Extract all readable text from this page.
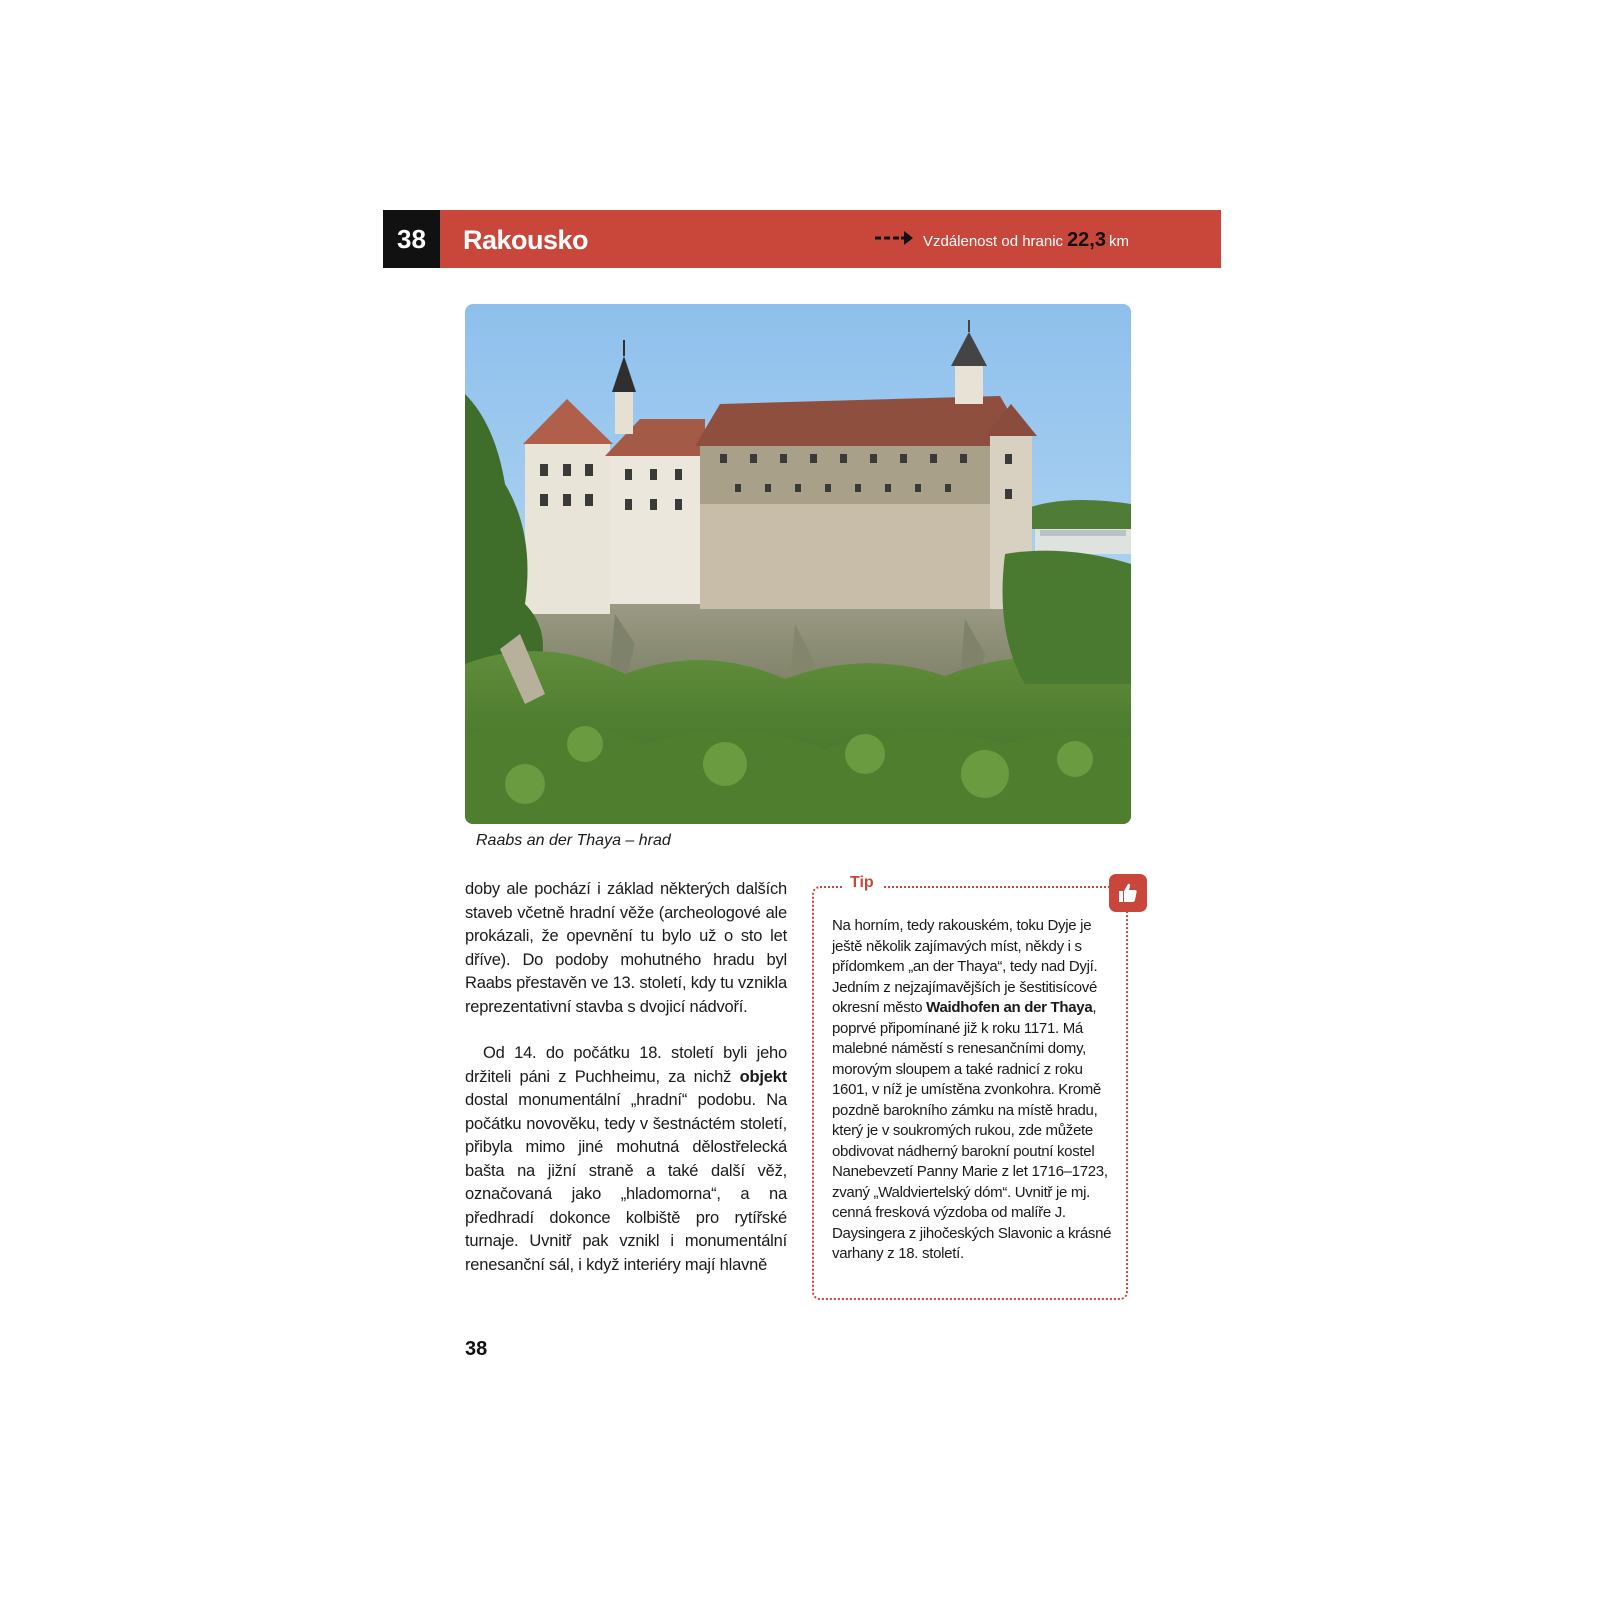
38	Rakousko	Vzdálenost od hranic 22,3 km
Raabs an der Thaya – hrad

doby ale pochází i základ některých dalších staveb včetně hradní věže (archeologové ale prokázali, že opevnění tu bylo už o sto let dříve). Do podoby mohutného hradu byl Raabs přestavěn ve 13. století, kdy tu vznikla reprezentativní stavba s dvojicí nádvoří.

Od 14. do počátku 18. století byli jeho držiteli páni z Puchheimu, za nichž objekt dostal monumentální „hradní“ podobu. Na počátku novověku, tedy v šestnáctém století, přibyla mimo jiné mohutná dělostřelecká bašta na jižní straně a také další věž, označovaná jako „hladomorna“, a na předhradí dokonce kolbiště pro rytířské turnaje. Uvnitř pak vznikl i monumentální renesanční sál, i když interiéry mají hlavně

Tip
Na horním, tedy rakouském, toku Dyje je ještě několik zajímavých míst, někdy i s přídomkem „an der Thaya“, tedy nad Dyjí. Jedním z nejzajímavějších je šestitisícové okresní město Waidhofen an der Thaya, poprvé připomínané již k roku 1171. Má malebné náměstí s renesančními domy, morovým sloupem a také radnicí z roku 1601, v níž je umístěna zvonkohra. Kromě pozdně barokního zámku na místě hradu, který je v soukromých rukou, zde můžete obdivovat nádherný barokní poutní kostel Nanebevzetí Panny Marie z let 1716–1723, zvaný „Waldviertelský dóm“. Uvnitř je mj. cenná fresková výzdoba od malíře J. Daysingera z jihočeských Slavonic a krásné varhany z 18. století.
38
